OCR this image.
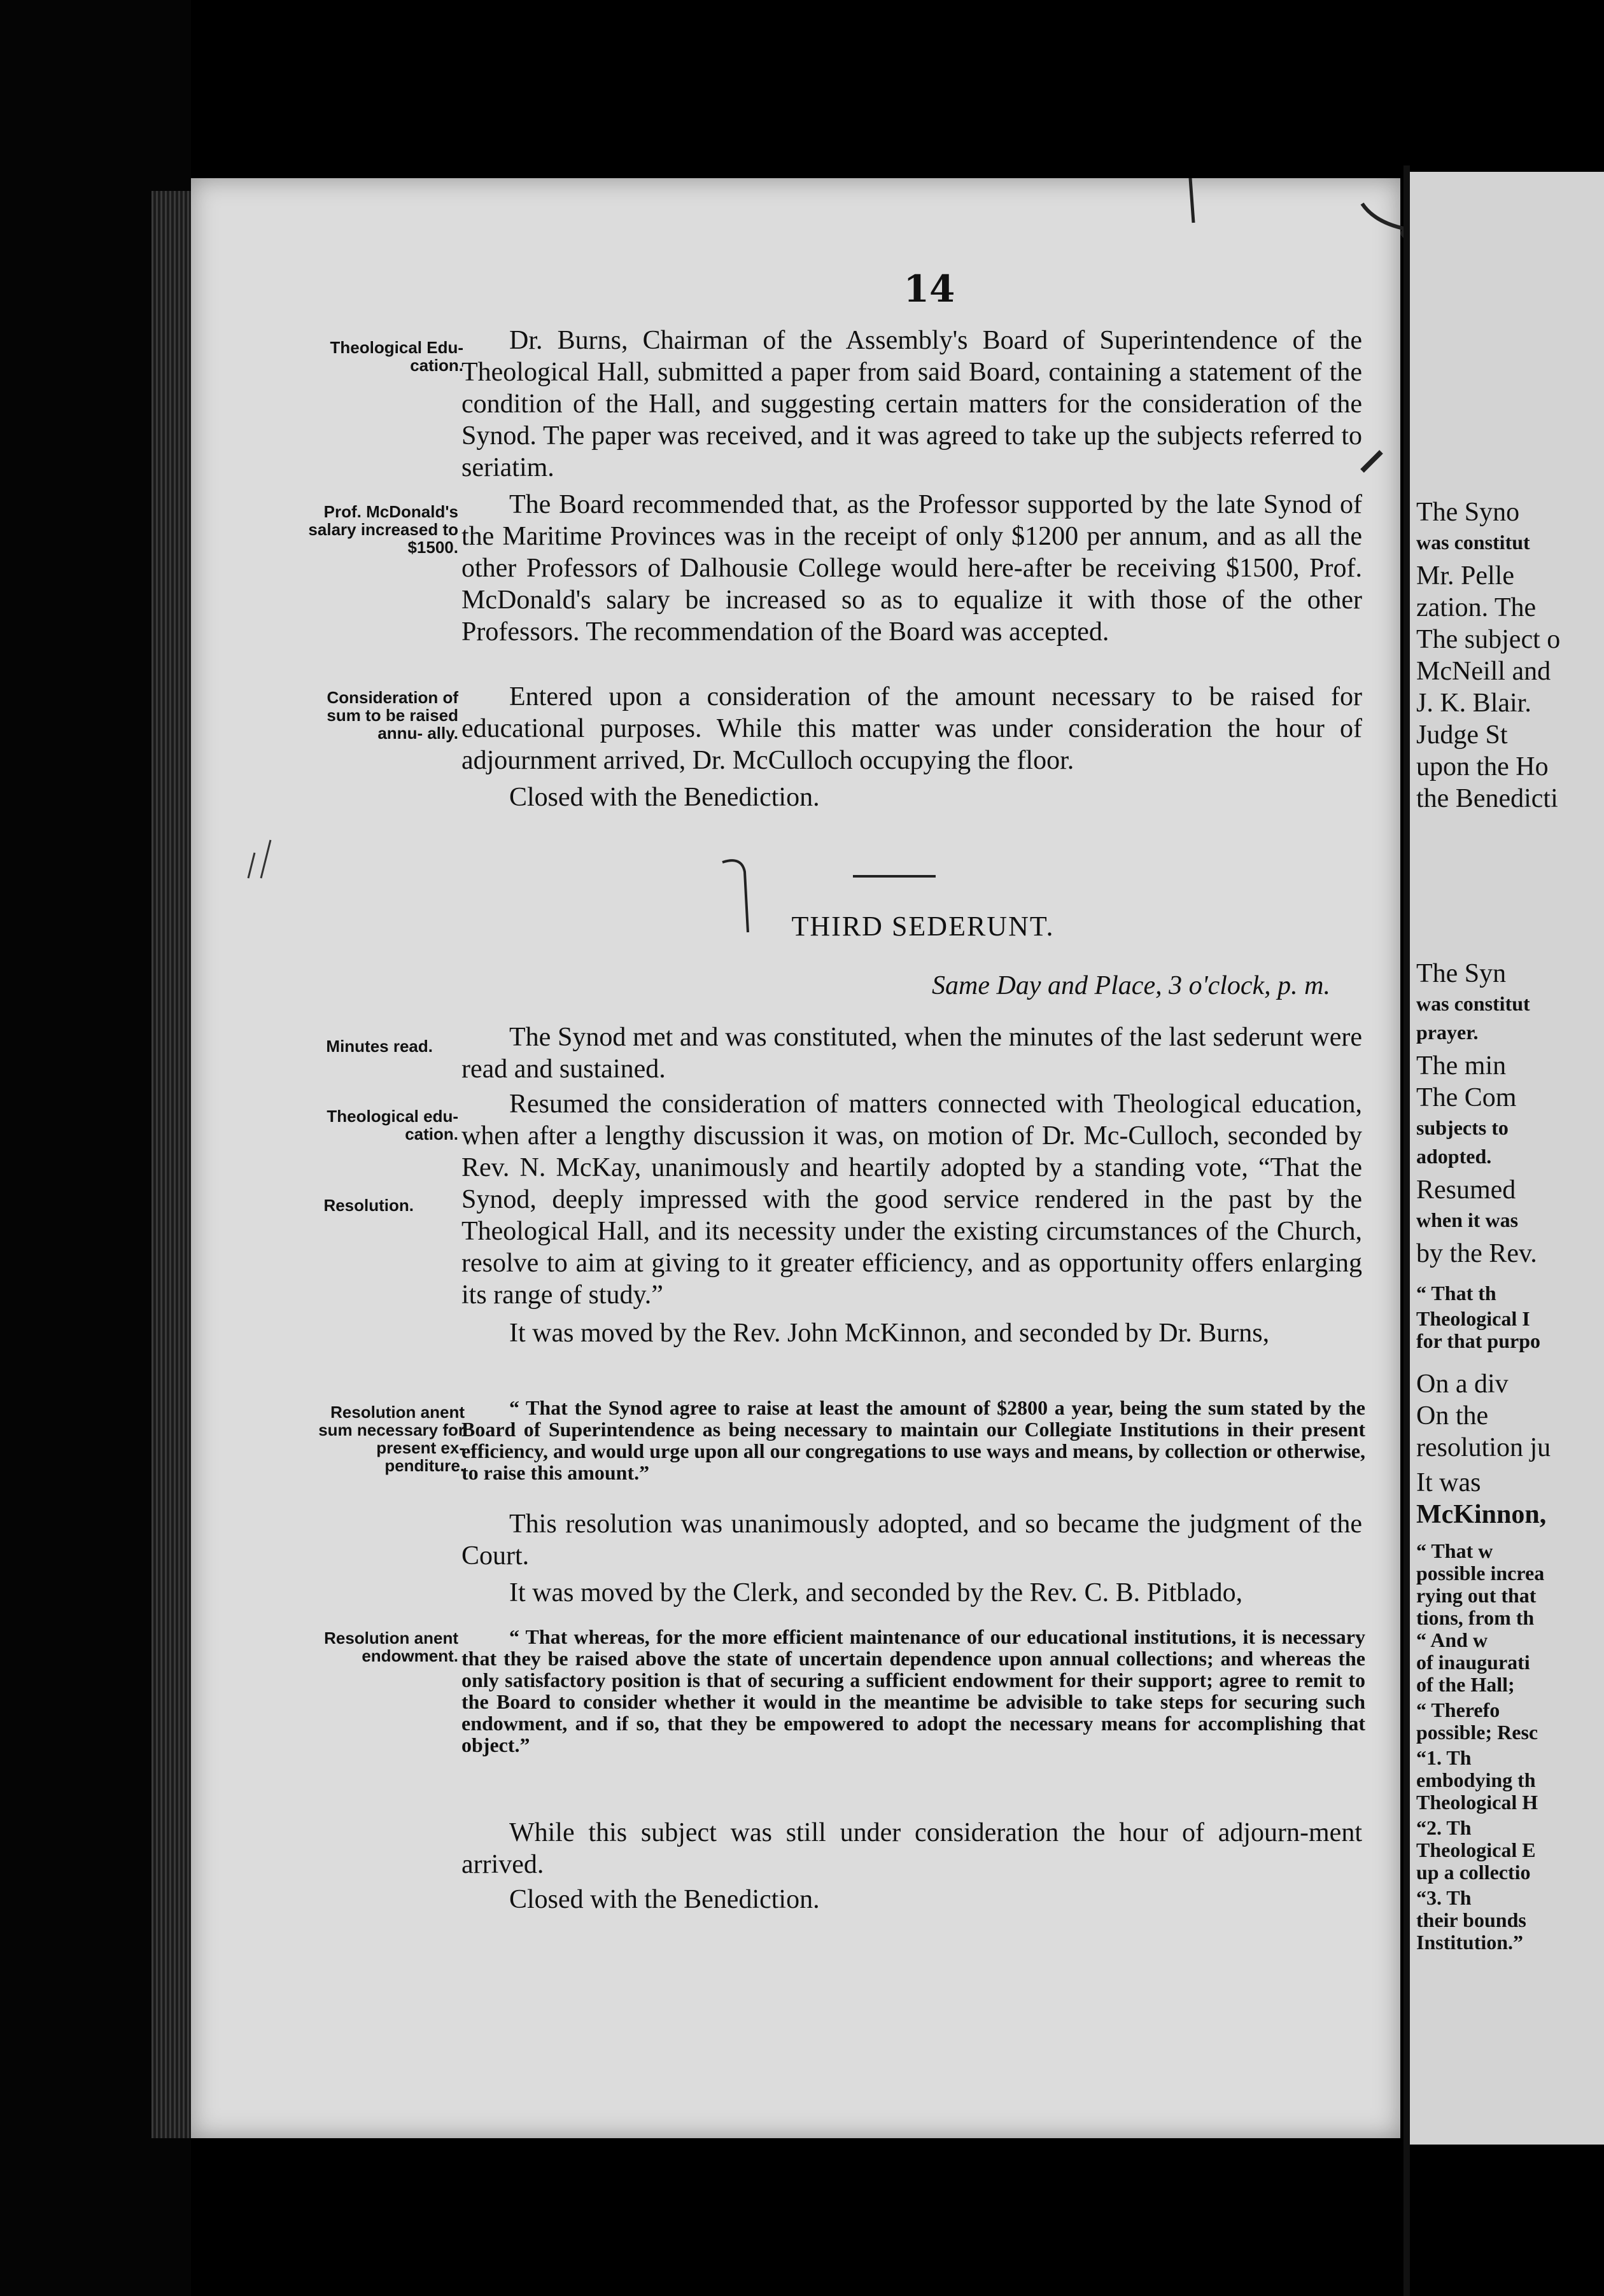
14
Theological Edu- cation.
Prof. McDonald's salary increased to $1500.
Consideration of sum to be raised annu- ally.
Minutes read.
Theological edu- cation.
Resolution.
Resolution anent sum necessary for present ex- penditure.
Resolution anent endowment.
Dr. Burns, Chairman of the Assembly's Board of Superintendence of the Theological Hall, submitted a paper from said Board, containing a statement of the condition of the Hall, and suggesting certain matters for the consideration of the Synod. The paper was received, and it was agreed to take up the subjects referred to seriatim.
The Board recommended that, as the Professor supported by the late Synod of the Maritime Provinces was in the receipt of only $1200 per annum, and as all the other Professors of Dalhousie College would here-after be receiving $1500, Prof. McDonald's salary be increased so as to equalize it with those of the other Professors. The recommendation of the Board was accepted.
Entered upon a consideration of the amount necessary to be raised for educational purposes. While this matter was under consideration the hour of adjournment arrived, Dr. McCulloch occupying the floor.
Closed with the Benediction.
THIRD SEDERUNT.
Same Day and Place, 3 o'clock, p. m.
The Synod met and was constituted, when the minutes of the last sederunt were read and sustained.
Resumed the consideration of matters connected with Theological education, when after a lengthy discussion it was, on motion of Dr. Mc-Culloch, seconded by Rev. N. McKay, unanimously and heartily adopted by a standing vote, “That the Synod, deeply impressed with the good service rendered in the past by the Theological Hall, and its necessity under the existing circumstances of the Church, resolve to aim at giving to it greater efficiency, and as opportunity offers enlarging its range of study.”
It was moved by the Rev. John McKinnon, and seconded by Dr. Burns,
“ That the Synod agree to raise at least the amount of $2800 a year, being the sum stated by the Board of Superintendence as being necessary to maintain our Collegiate Institutions in their present efficiency, and would urge upon all our congregations to use ways and means, by collection or otherwise, to raise this amount.”
This resolution was unanimously adopted, and so became the judgment of the Court.
It was moved by the Clerk, and seconded by the Rev. C. B. Pitblado,
“ That whereas, for the more efficient maintenance of our educational institutions, it is necessary that they be raised above the state of uncertain dependence upon annual collections; and whereas the only satisfactory position is that of securing a sufficient endowment for their support; agree to remit to the Board to consider whether it would in the meantime be advisible to take steps for securing such endowment, and if so, that they be empowered to adopt the necessary means for accomplishing that object.”
While this subject was still under consideration the hour of adjourn-ment arrived.
Closed with the Benediction.
The Syno
was constitut
Mr. Pelle
zation. The
The subject o
McNeill and
J. K. Blair.
Judge St
upon the Ho
the Benedicti
The Syn
was constitut
prayer.
The min
The Com
subjects to
adopted.
Resumed
when it was
by the Rev.
“ That th
Theological I
for that purpo
On a div
On the
resolution ju
It was
McKinnon,
“ That w
possible increa
rying out that
tions, from th
“ And w
of inaugurati
of the Hall;
“ Therefo
possible; Resc
“1. Th
embodying th
Theological H
“2. Th
Theological E
up a collectio
“3. Th
their bounds
Institution.”
